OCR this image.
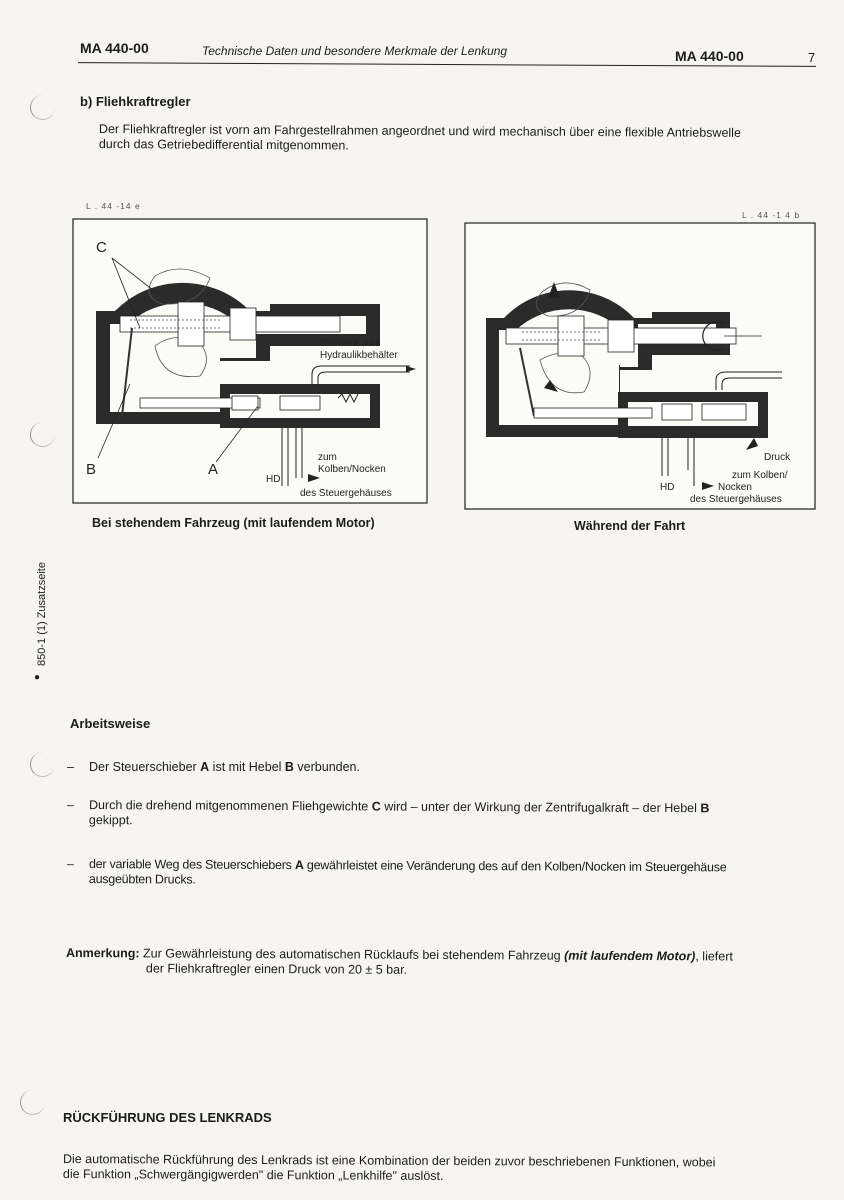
MA 440-00	Technische Daten und besondere Merkmale der Lenkung	MA 440-00	7
b) Fliehkraftregler
Der Fliehkraftregler ist vorn am Fahrgestellrahmen angeordnet und wird mechanisch über eine flexible Antriebswelle
durch das Getriebedifferential mitgenommen.
L . 44 -14 e
L . 44 -1 4 b
C
B	A
Rücklauf zum
Hydraulikbehälter
HD
zum
Kolben/Nocken
des Steuergehäuses
Druck
HD
zum Kolben/
Nocken
des Steuergehäuses
Bei stehendem Fahrzeug (mit laufendem Motor)	Während der Fahrt
●
850-1 (1) Zusatzseite
Arbeitsweise
– Der Steuerschieber A ist mit Hebel B verbunden.
– Durch die drehend mitgenommenen Fliehgewichte C wird – unter der Wirkung der Zentrifugalkraft – der Hebel B
gekippt.
– der variable Weg des Steuerschiebers A gewährleistet eine Veränderung des auf den Kolben/Nocken im Steuergehäuse
ausgeübten Drucks.
Anmerkung: Zur Gewährleistung des automatischen Rücklaufs bei stehendem Fahrzeug (mit laufendem Motor), liefert
der Fliehkraftregler einen Druck von 20 ± 5 bar.
RÜCKFÜHRUNG DES LENKRADS
Die automatische Rückführung des Lenkrads ist eine Kombination der beiden zuvor beschriebenen Funktionen, wobei
die Funktion „Schwergängigwerden" die Funktion „Lenkhilfe" auslöst.
